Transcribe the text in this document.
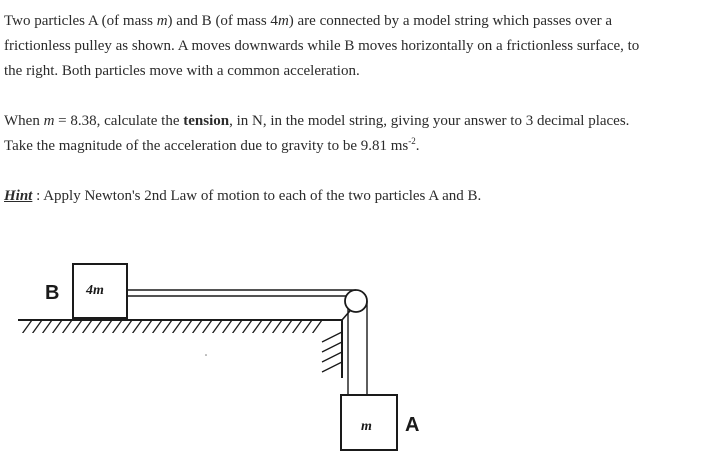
Two particles A (of mass m) and B (of mass 4m) are connected by a model string which passes over a
frictionless pulley as shown. A moves downwards while B moves horizontally on a frictionless surface, to
the right. Both particles move with a common acceleration.

When m = 8.38, calculate the tension, in N, in the model string, giving your answer to 3 decimal places.
Take the magnitude of the acceleration due to gravity to be 9.81 $ms^{-2}$.

Hint : Apply Newton's 2nd Law of motion to each of the two particles A and B.

B 4m
m A
